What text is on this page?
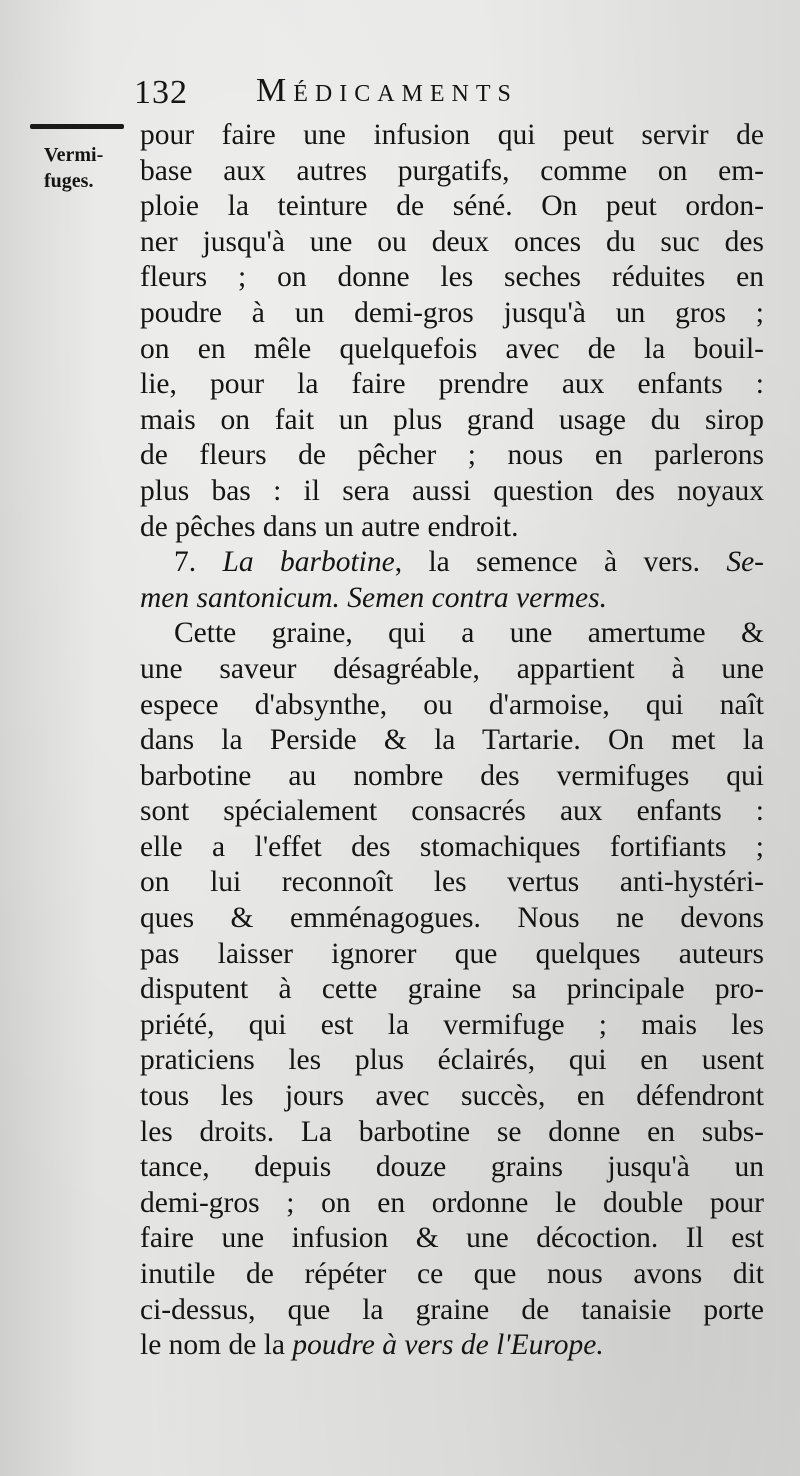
132 Médicaments
Vermi-
fuges.
pour faire une infusion qui peut servir de
base aux autres purgatifs, comme on em-
ploie la teinture de séné. On peut ordon-
ner jusqu'à une ou deux onces du suc des
fleurs ; on donne les seches réduites en
poudre à un demi-gros jusqu'à un gros ;
on en mêle quelquefois avec de la bouil-
lie, pour la faire prendre aux enfants :
mais on fait un plus grand usage du sirop
de fleurs de pêcher ; nous en parlerons
plus bas : il sera aussi question des noyaux
de pêches dans un autre endroit.
7. La barbotine, la semence à vers. Se-
men santonicum. Semen contra vermes.
Cette graine, qui a une amertume &
une saveur désagréable, appartient à une
espece d'absynthe, ou d'armoise, qui naît
dans la Perside & la Tartarie. On met la
barbotine au nombre des vermifuges qui
sont spécialement consacrés aux enfants :
elle a l'effet des stomachiques fortifiants ;
on lui reconnoît les vertus anti-hystéri-
ques & emménagogues. Nous ne devons
pas laisser ignorer que quelques auteurs
disputent à cette graine sa principale pro-
priété, qui est la vermifuge ; mais les
praticiens les plus éclairés, qui en usent
tous les jours avec succès, en défendront
les droits. La barbotine se donne en subs-
tance, depuis douze grains jusqu'à un
demi-gros ; on en ordonne le double pour
faire une infusion & une décoction. Il est
inutile de répéter ce que nous avons dit
ci-dessus, que la graine de tanaisie porte
le nom de la poudre à vers de l'Europe.
